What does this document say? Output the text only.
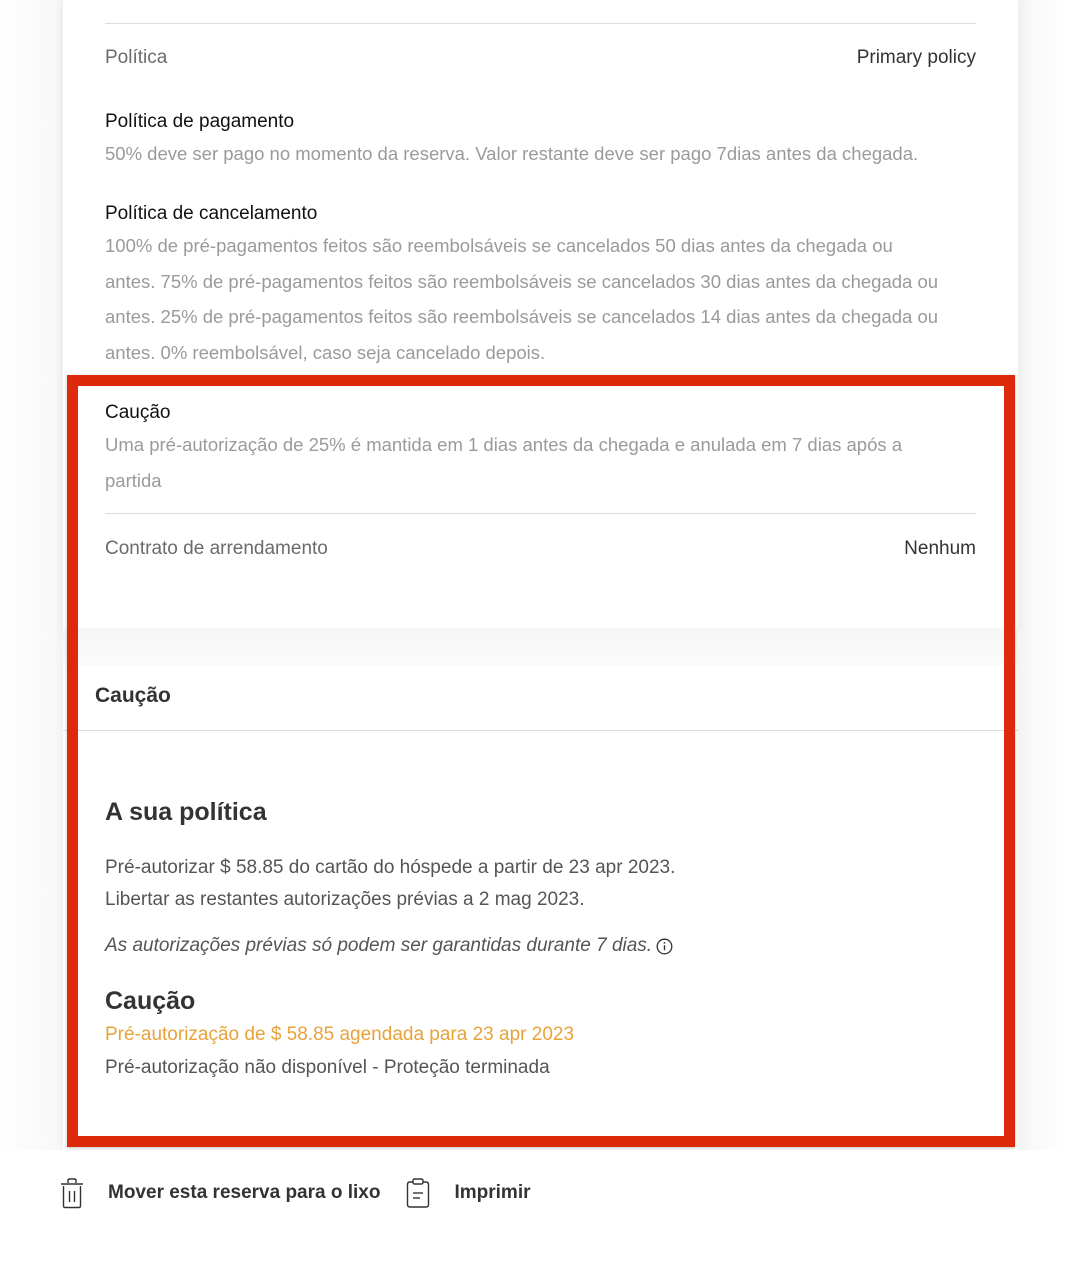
Política	Primary policy
Política de pagamento
50% deve ser pago no momento da reserva. Valor restante deve ser pago 7dias antes da chegada.
Política de cancelamento
100% de pré-pagamentos feitos são reembolsáveis se cancelados 50 dias antes da chegada ou
antes. 75% de pré-pagamentos feitos são reembolsáveis se cancelados 30 dias antes da chegada ou
antes. 25% de pré-pagamentos feitos são reembolsáveis se cancelados 14 dias antes da chegada ou
antes. 0% reembolsável, caso seja cancelado depois.
Caução
Uma pré-autorização de 25% é mantida em 1 dias antes da chegada e anulada em 7 dias após a
partida
Contrato de arrendamento	Nenhum
Caução
A sua política
Pré-autorizar $ 58.85 do cartão do hóspede a partir de 23 apr 2023.
Libertar as restantes autorizações prévias a 2 mag 2023.
As autorizações prévias só podem ser garantidas durante 7 dias.
Caução
Pré-autorização de $ 58.85 agendada para 23 apr 2023
Pré-autorização não disponível - Proteção terminada
Mover esta reserva para o lixo	Imprimir
